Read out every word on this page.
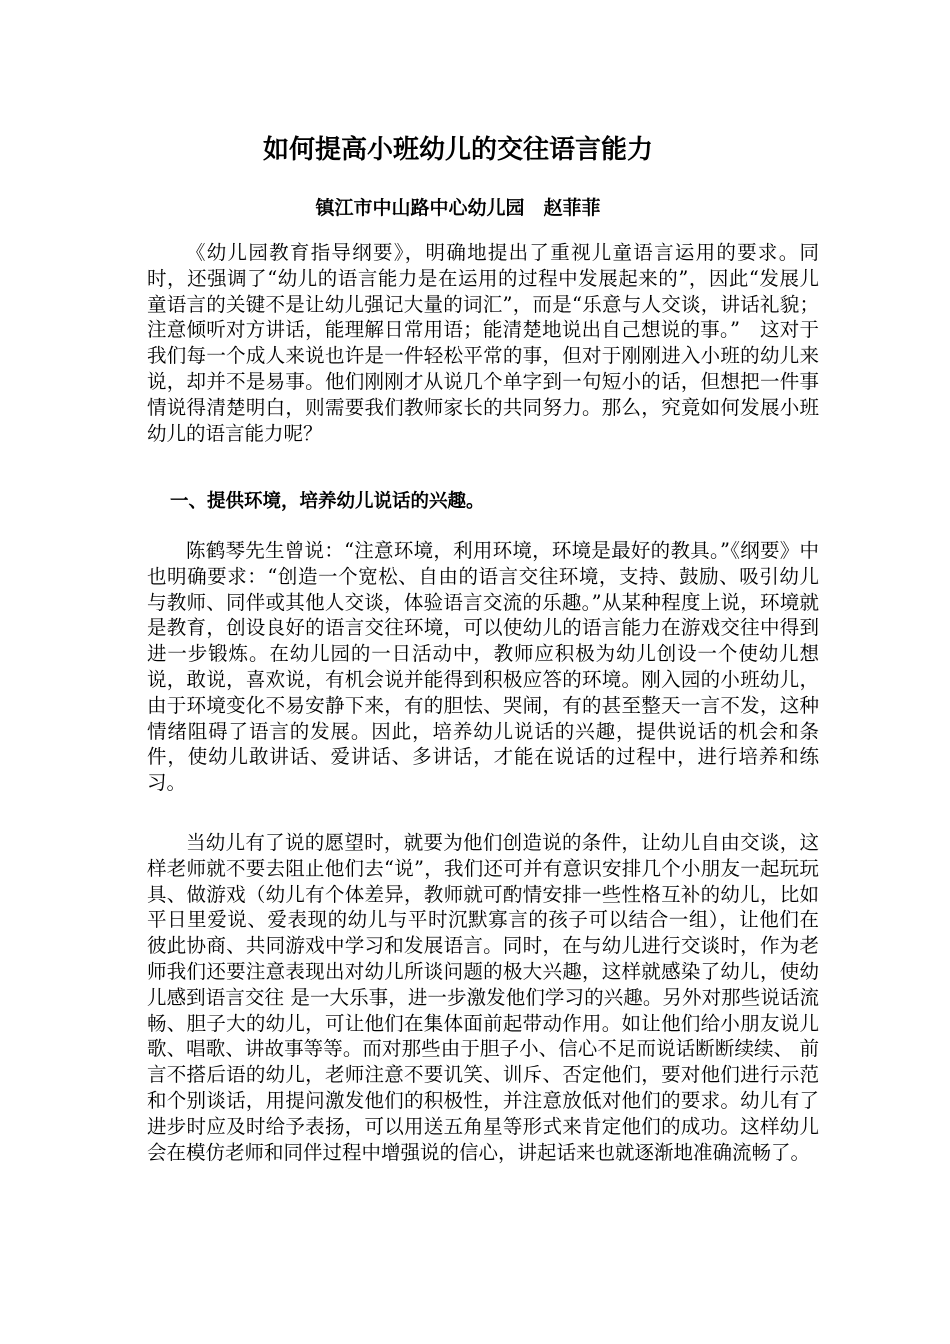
如何提高小班幼儿的交往语言能力
镇江市中山路中心幼儿园　赵菲菲

《幼儿园教育指导纲要》，明确地提出了重视儿童语言运用的要求。同时，还强调了“幼儿的语言能力是在运用的过程中发展起来的”，因此“发展儿童语言的关键不是让幼儿强记大量的词汇”，而是“乐意与人交谈，讲话礼貌；注意倾听对方讲话，能理解日常用语；能清楚地说出自己想说的事。”　这对于我们每一个成人来说也许是一件轻松平常的事，但对于刚刚进入小班的幼儿来说，却并不是易事。他们刚刚才从说几个单字到一句短小的话，但想把一件事情说得清楚明白，则需要我们教师家长的共同努力。那么，究竟如何发展小班幼儿的语言能力呢？

一、提供环境，培养幼儿说话的兴趣。

陈鹤琴先生曾说：“注意环境，利用环境，环境是最好的教具。”《纲要》中也明确要求：“创造一个宽松、自由的语言交往环境，支持、鼓励、吸引幼儿与教师、同伴或其他人交谈，体验语言交流的乐趣。”从某种程度上说，环境就是教育，创设良好的语言交往环境，可以使幼儿的语言能力在游戏交往中得到进一步锻炼。在幼儿园的一日活动中，教师应积极为幼儿创设一个使幼儿想说，敢说，喜欢说，有机会说并能得到积极应答的环境。刚入园的小班幼儿，由于环境变化不易安静下来，有的胆怯、哭闹，有的甚至整天一言不发，这种情绪阻碍了语言的发展。因此，培养幼儿说话的兴趣，提供说话的机会和条件，使幼儿敢讲话、爱讲话、多讲话，才能在说话的过程中，进行培养和练习。

当幼儿有了说的愿望时，就要为他们创造说的条件，让幼儿自由交谈，这样老师就不要去阻止他们去“说”，我们还可并有意识安排几个小朋友一起玩玩具、做游戏（幼儿有个体差异，教师就可酌情安排一些性格互补的幼儿，比如平日里爱说、爱表现的幼儿与平时沉默寡言的孩子可以结合一组），让他们在彼此协商、共同游戏中学习和发展语言。同时，在与幼儿进行交谈时，作为老师我们还要注意表现出对幼儿所谈问题的极大兴趣，这样就感染了幼儿，使幼儿感到语言交往 是一大乐事，进一步激发他们学习的兴趣。另外对那些说话流畅、胆子大的幼儿，可让他们在集体面前起带动作用。如让他们给小朋友说儿歌、唱歌、讲故事等等。而对那些由于胆子小、信心不足而说话断断续续、 前言不搭后语的幼儿，老师注意不要讥笑、训斥、否定他们，要对他们进行示范和个别谈话，用提问激发他们的积极性，并注意放低对他们的要求。幼儿有了进步时应及时给予表扬，可以用送五角星等形式来肯定他们的成功。这样幼儿会在模仿老师和同伴过程中增强说的信心，讲起话来也就逐渐地准确流畅了。
